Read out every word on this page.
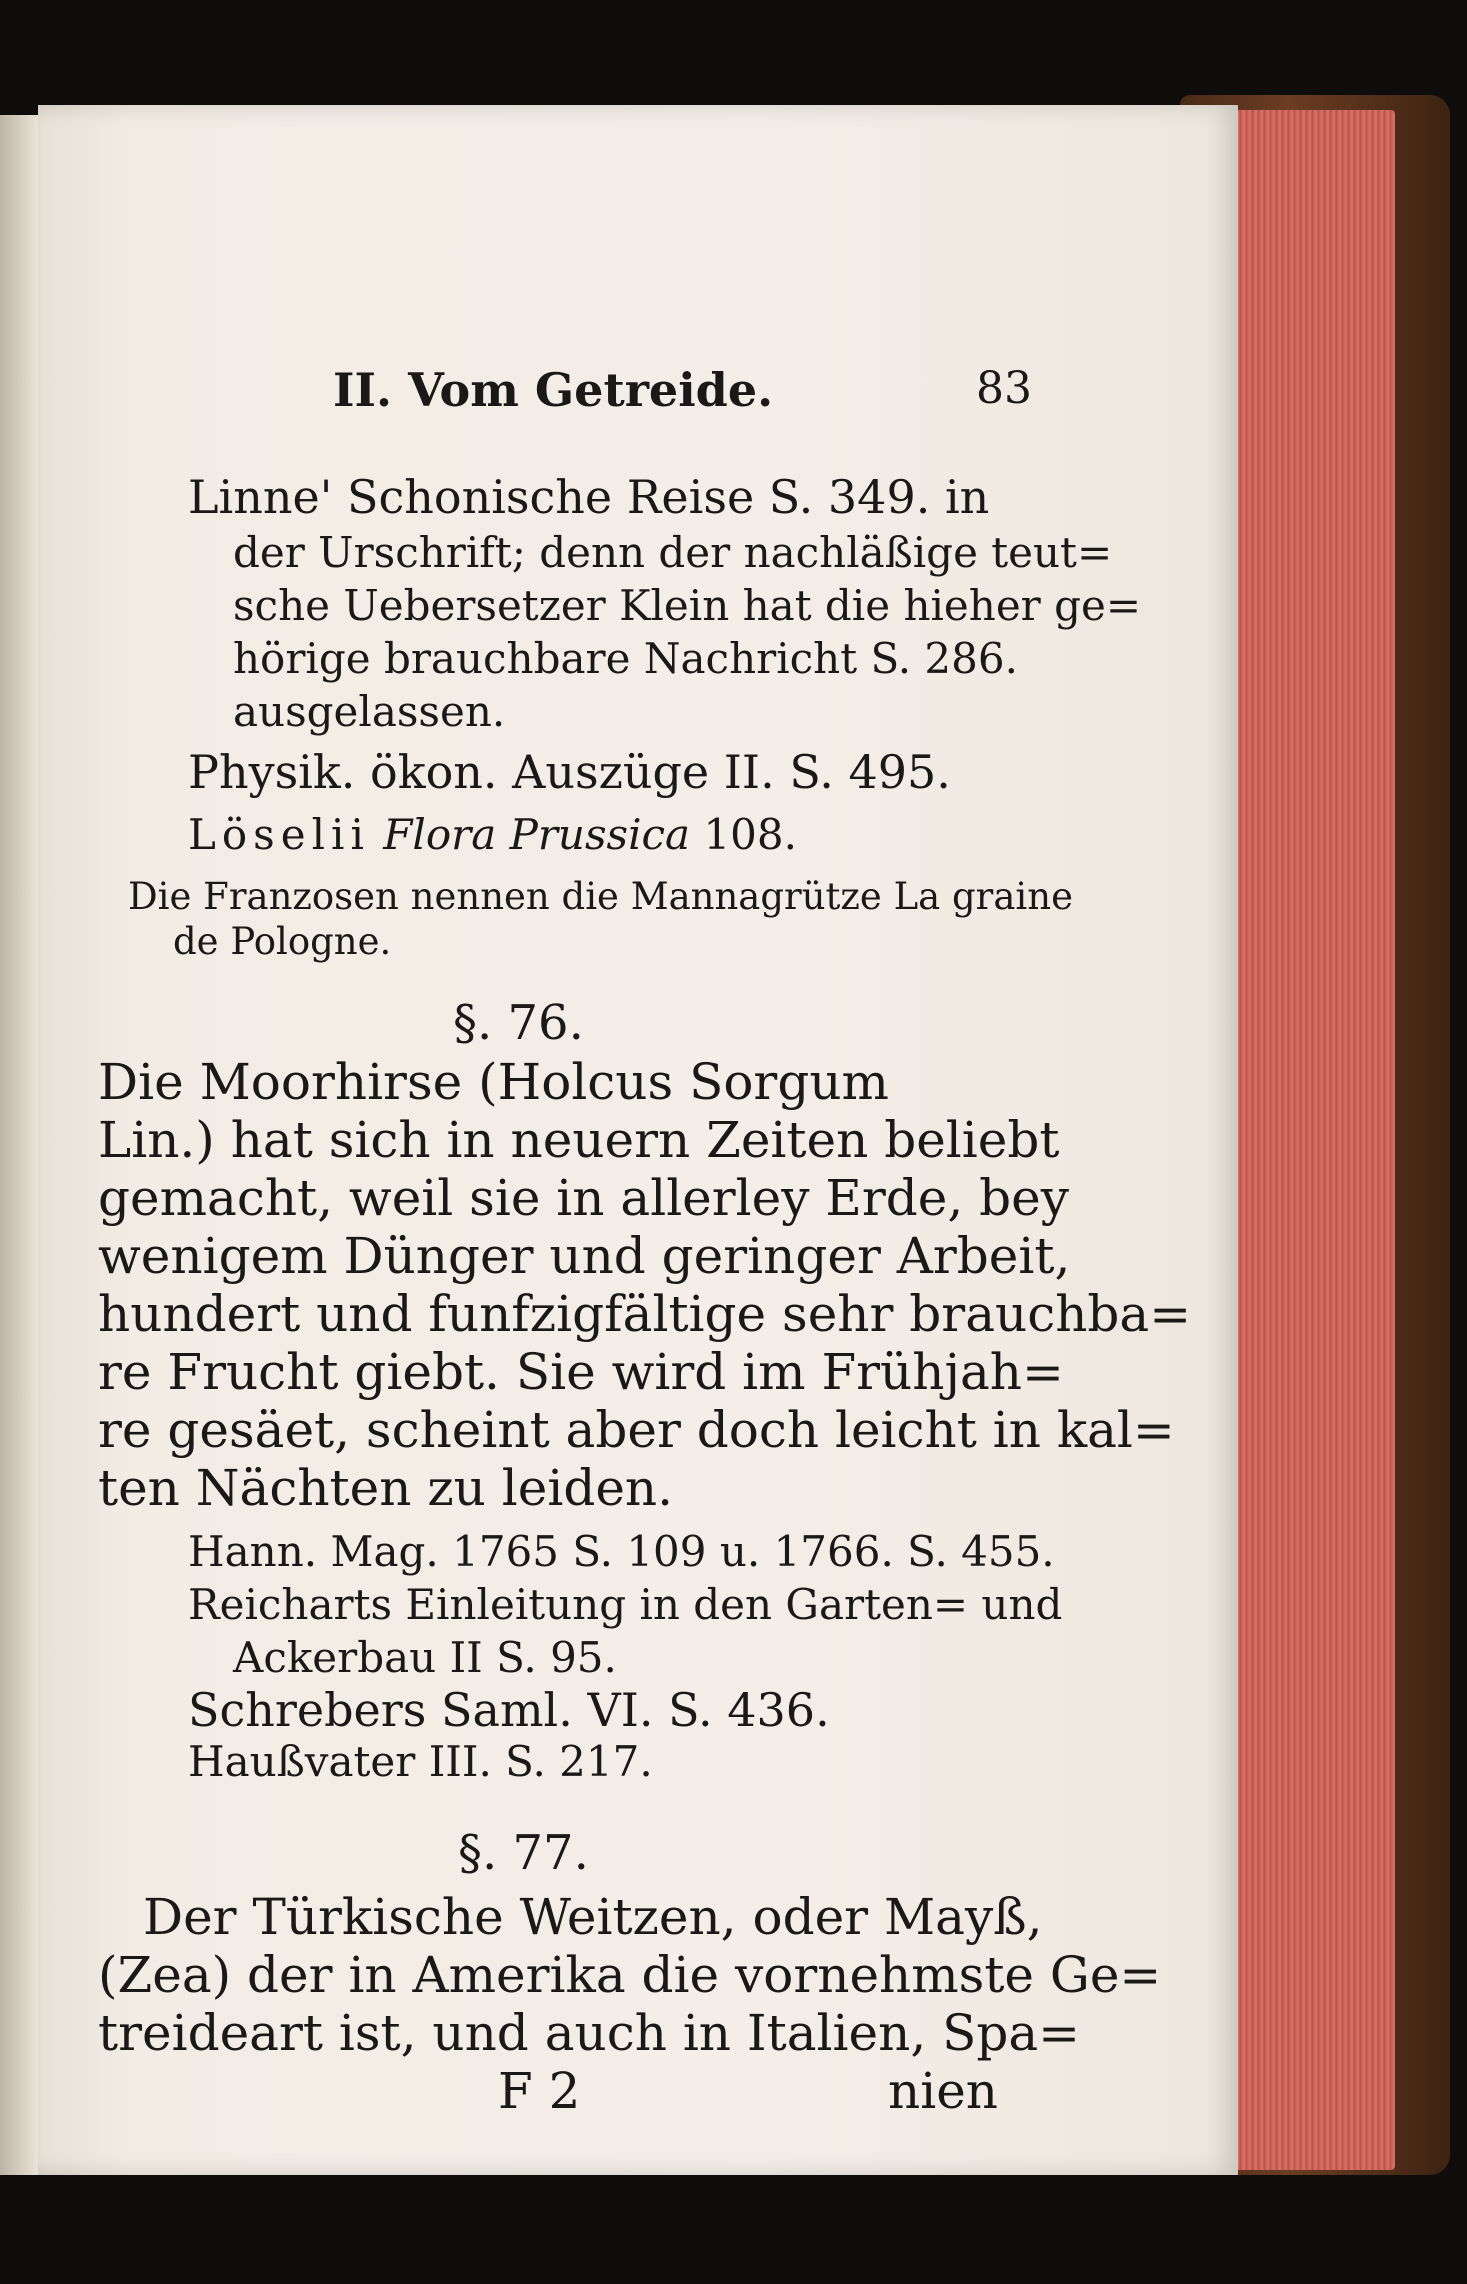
II. Vom Getreide.	83
Linne' Schonische Reise S. 349. in
der Urschrift; denn der nachläßige teut=
sche Uebersetzer Klein hat die hieher ge=
hörige brauchbare Nachricht S. 286.
ausgelassen.
Physik. ökon. Auszüge II. S. 495.
Löselii Flora Prussica 108.
Die Franzosen nennen die Mannagrütze La graine
de Pologne.
§. 76.
Die Moorhirse (Holcus Sorgum
Lin.) hat sich in neuern Zeiten beliebt
gemacht, weil sie in allerley Erde, bey
wenigem Dünger und geringer Arbeit,
hundert und funfzigfältige sehr brauchba=
re Frucht giebt. Sie wird im Frühjah=
re gesäet, scheint aber doch leicht in kal=
ten Nächten zu leiden.
Hann. Mag. 1765 S. 109 u. 1766. S. 455.
Reicharts Einleitung in den Garten= und
Ackerbau II S. 95.
Schrebers Saml. VI. S. 436.
Haußvater III. S. 217.
§. 77.
Der Türkische Weitzen, oder Mayß,
(Zea) der in Amerika die vornehmste Ge=
treideart ist, und auch in Italien, Spa=
F 2	nien
